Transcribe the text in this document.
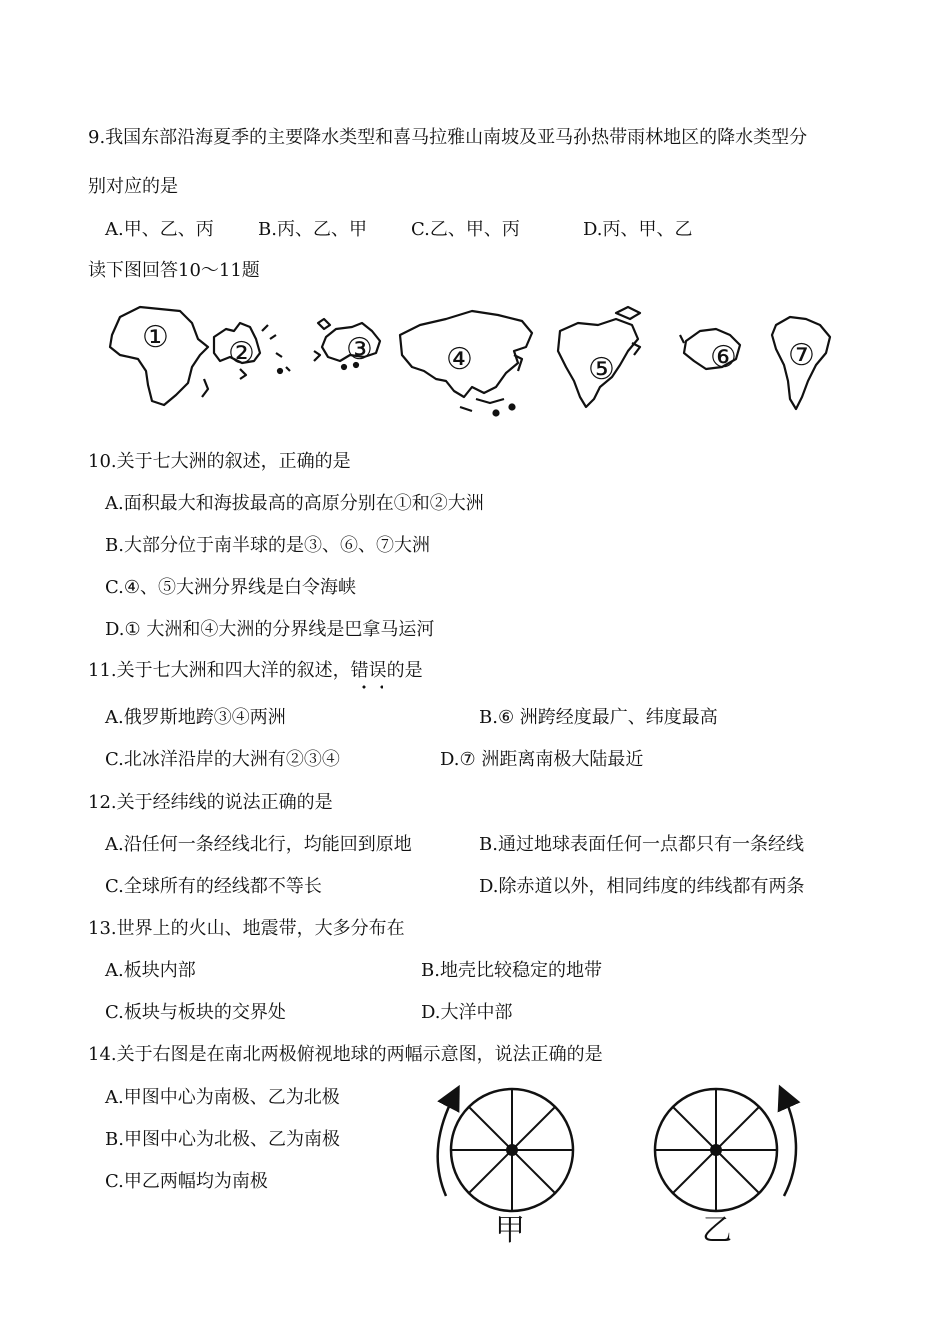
9.我国东部沿海夏季的主要降水类型和喜马拉雅山南坡及亚马孙热带雨林地区的降水类型分
别对应的是
A.甲、乙、丙 B.丙、乙、甲 C.乙、甲、丙	D.丙、甲、乙
读下图回答10～11题
① ②	③ ④	⑤	⑥ ⑦
10.关于七大洲的叙述，正确的是
A.面积最大和海拔最高的高原分别在①和②大洲
B.大部分位于南半球的是③、⑥、⑦大洲
C.④、⑤大洲分界线是白令海峡
D.① 大洲和④大洲的分界线是巴拿马运河
11.关于七大洲和四大洋的叙述，错误的是
A.俄罗斯地跨③④两洲	B.⑥ 洲跨经度最广、纬度最高
C.北冰洋沿岸的大洲有②③④	D.⑦ 洲距离南极大陆最近
12.关于经纬线的说法正确的是
A.沿任何一条经线北行，均能回到原地	B.通过地球表面任何一点都只有一条经线
C.全球所有的经线都不等长	D.除赤道以外，相同纬度的纬线都有两条
13.世界上的火山、地震带，大多分布在
A.板块内部	B.地壳比较稳定的地带
C.板块与板块的交界处	D.大洋中部
14.关于右图是在南北两极俯视地球的两幅示意图，说法正确的是
A.甲图中心为南极、乙为北极
B.甲图中心为北极、乙为南极
C.甲乙两幅均为南极
甲	乙
